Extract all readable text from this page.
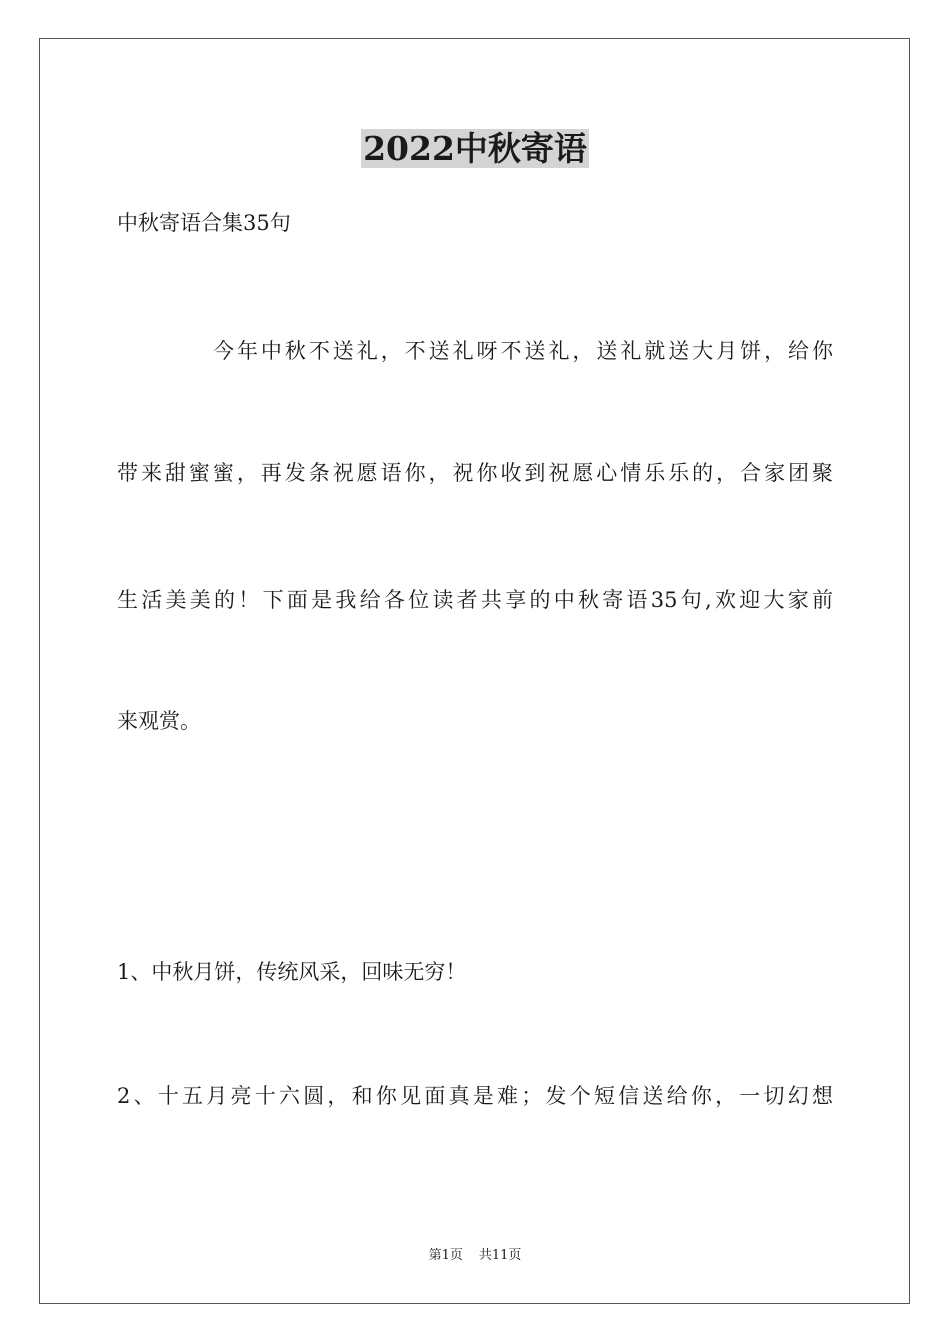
2022中秋寄语
中秋寄语合集35句
今年中秋不送礼，不送礼呀不送礼，送礼就送大月饼，给你
带来甜蜜蜜，再发条祝愿语你，祝你收到祝愿心情乐乐的，合家团聚
生活美美的！下面是我给各位读者共享的中秋寄语35句,欢迎大家前
来观赏。
1、中秋月饼，传统风采，回味无穷！
2、十五月亮十六圆，和你见面真是难；发个短信送给你，一切幻想
第1页 共11页
